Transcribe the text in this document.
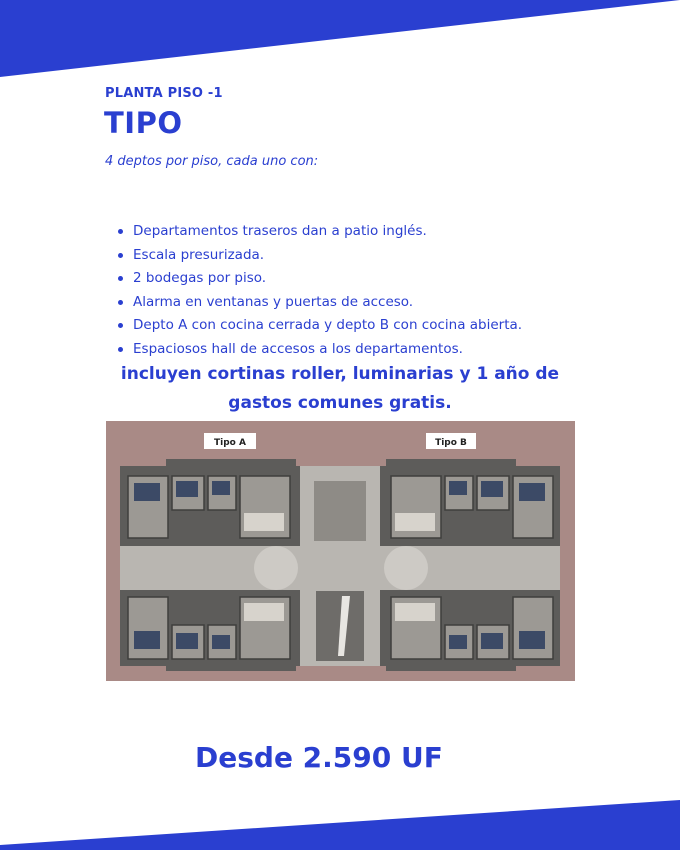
PLANTA PISO -1
TIPO
4 deptos por piso, cada uno con:
Departamentos traseros dan a patio inglés.
Escala presurizada.
2 bodegas por piso.
Alarma en ventanas y puertas de acceso.
Depto A con cocina cerrada y depto B con cocina abierta.
Espaciosos hall de accesos a los departamentos.
incluyen cortinas roller, luminarias y 1 año de
gastos comunes gratis.
Tipo A	Tipo B
Desde 2.590 UF
